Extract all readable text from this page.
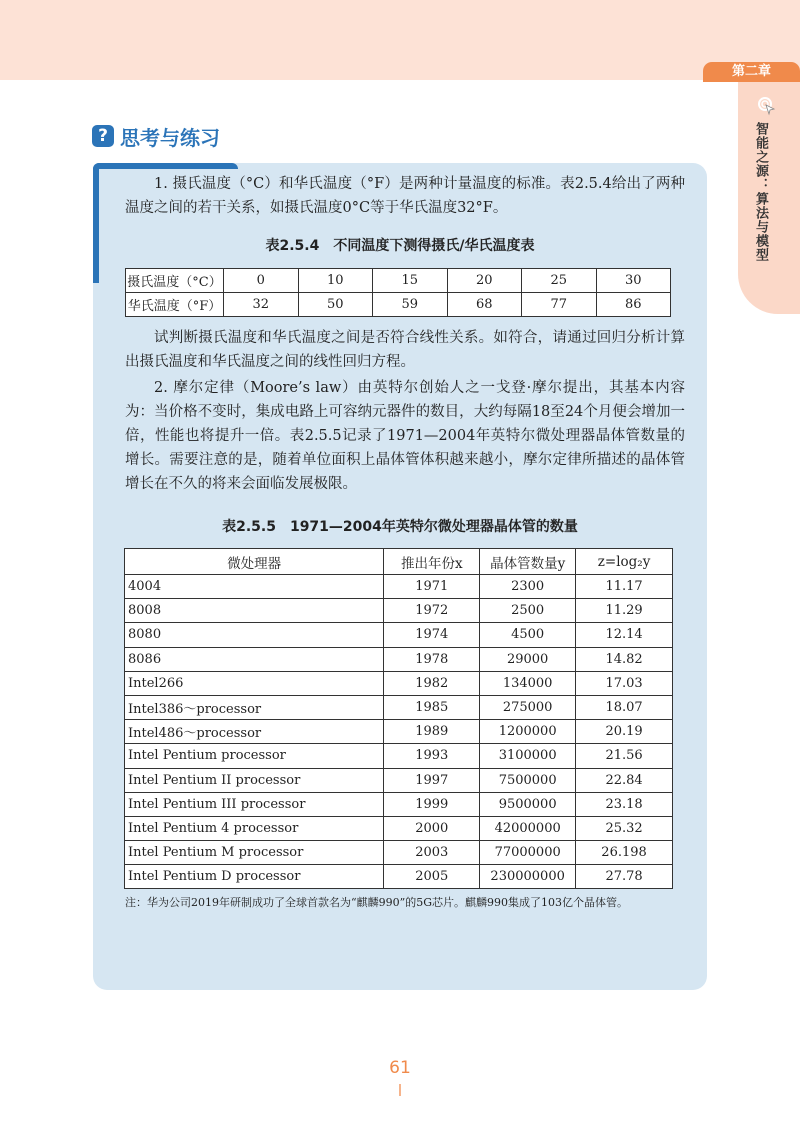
第二章
智能之源：算法与模型
? 思考与练习

1. 摄氏温度（°C）和华氏温度（°F）是两种计量温度的标准。表2.5.4给出了两种温度之间的若干关系，如摄氏温度0°C等于华氏温度32°F。

表2.5.4　不同温度下测得摄氏/华氏温度表
摄氏温度（°C）	0	10	15	20	25	30
华氏温度（°F）	32	50	59	68	77	86

试判断摄氏温度和华氏温度之间是否符合线性关系。如符合，请通过回归分析计算出摄氏温度和华氏温度之间的线性回归方程。

2. 摩尔定律（Moore’s law）由英特尔创始人之一戈登·摩尔提出，其基本内容为：当价格不变时，集成电路上可容纳元器件的数目，大约每隔18至24个月便会增加一倍，性能也将提升一倍。表2.5.5记录了1971—2004年英特尔微处理器晶体管数量的增长。需要注意的是，随着单位面积上晶体管体积越来越小，摩尔定律所描述的晶体管增长在不久的将来会面临发展极限。

表2.5.5　1971—2004年英特尔微处理器晶体管的数量
微处理器	推出年份x	晶体管数量y	z=log₂y
4004	1971	2300	11.17
8008	1972	2500	11.29
8080	1974	4500	12.14
8086	1978	29000	14.82
Intel266	1982	134000	17.03
Intel386～processor	1985	275000	18.07
Intel486～processor	1989	1200000	20.19
Intel Pentium processor	1993	3100000	21.56
Intel Pentium II processor	1997	7500000	22.84
Intel Pentium III processor	1999	9500000	23.18
Intel Pentium 4 processor	2000	42000000	25.32
Intel Pentium M processor	2003	77000000	26.198
Intel Pentium D processor	2005	230000000	27.78
注：华为公司2019年研制成功了全球首款名为“麒麟990”的5G芯片。麒麟990集成了103亿个晶体管。
61
